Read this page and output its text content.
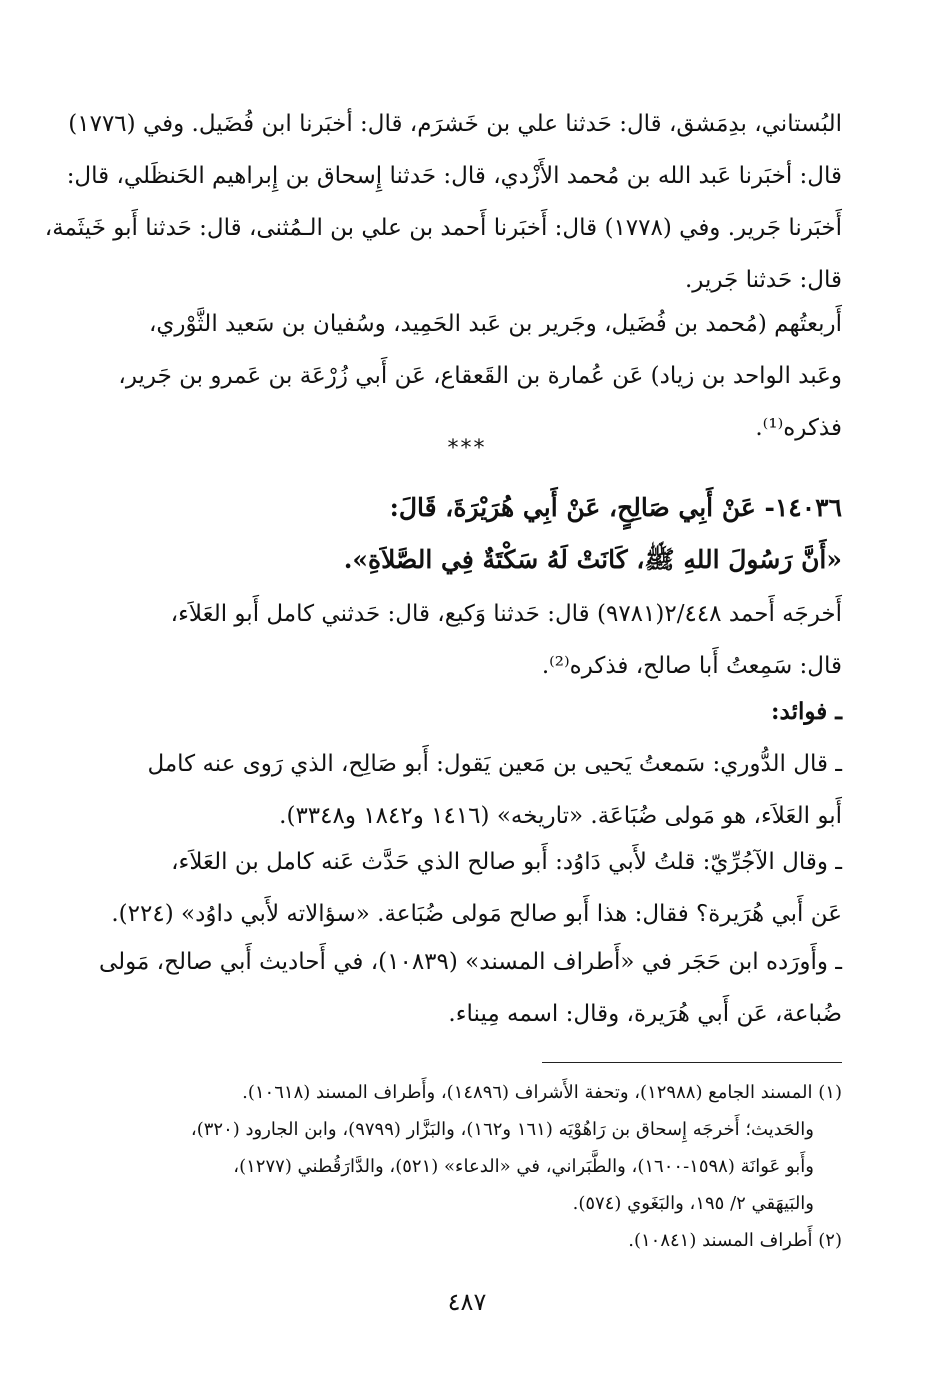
البُستاني، بدِمَشق، قال: حَدثنا علي بن خَشرَم، قال: أخبَرنا ابن فُضَيل. وفي (١٧٧٦)
قال: أخبَرنا عَبد الله بن مُحمد الأَزْدي، قال: حَدثنا إِسحاق بن إِبراهيم الحَنظَلي، قال:
أَخبَرنا جَرير. وفي (١٧٧٨) قال: أَخبَرنا أَحمد بن علي بن الـمُثنى، قال: حَدثنا أَبو خَيثَمة،
قال: حَدثنا جَرير.
أَربعتُهم (مُحمد بن فُضَيل، وجَرير بن عَبد الحَمِيد، وسُفيان بن سَعيد الثَّوْري،
وعَبد الواحد بن زياد) عَن عُمارة بن القَعقاع، عَن أَبي زُرْعَة بن عَمرو بن جَرير،
فذكره⁽¹⁾.
***
١٤٠٣٦- عَنْ أَبِي صَالِحٍ، عَنْ أَبِي هُرَيْرَةَ، قَالَ:
«أَنَّ رَسُولَ اللهِ ﷺ، كَانَتْ لَهُ سَكْتَةٌ فِي الصَّلاَةِ».
أَخرجَه أَحمد ٢/٤٤٨(٩٧٨١) قال: حَدثنا وَكيع، قال: حَدثني كامل أَبو العَلاَء،
قال: سَمِعتُ أَبا صالح، فذكره⁽²⁾.
ـ فوائد:
ـ قال الدُّوري: سَمعتُ يَحيى بن مَعين يَقول: أَبو صَالِح، الذي رَوى عنه كامل
أَبو العَلاَء، هو مَولى ضُبَاعَة. «تاريخه» (١٤١٦ و١٨٤٢ و٣٣٤٨).
ـ وقال الآجُرِّيّ: قلتُ لأَبي دَاوُد: أَبو صالح الذي حَدَّث عَنه كامل بن العَلاَء،
عَن أَبي هُرَيرة؟ فقال: هذا أَبو صالح مَولى ضُبَاعة. «سؤالاته لأَبي داوُد» (٢٢٤).
ـ وأَورَده ابن حَجَر في «أَطراف المسند» (١٠٨٣٩)، في أَحاديث أَبي صالح، مَولى
ضُباعة، عَن أَبي هُرَيرة، وقال: اسمه مِيناء.
(١) المسند الجامع (١٢٩٨٨)، وتحفة الأَشراف (١٤٨٩٦)، وأَطراف المسند (١٠٦١٨).
والحَديث؛ أَخرجَه إِسحاق بن رَاهُوْيَه (١٦١ و١٦٢)، والبَزَّار (٩٧٩٩)، وابن الجارود (٣٢٠)،
وأَبو عَوانَة (١٥٩٨-١٦٠٠)، والطَّبَراني، في «الدعاء» (٥٢١)، والدَّارَقُطني (١٢٧٧)،
والبَيهَقي ٢/ ١٩٥، والبَغَوي (٥٧٤).
(٢) أَطراف المسند (١٠٨٤١).
٤٨٧
